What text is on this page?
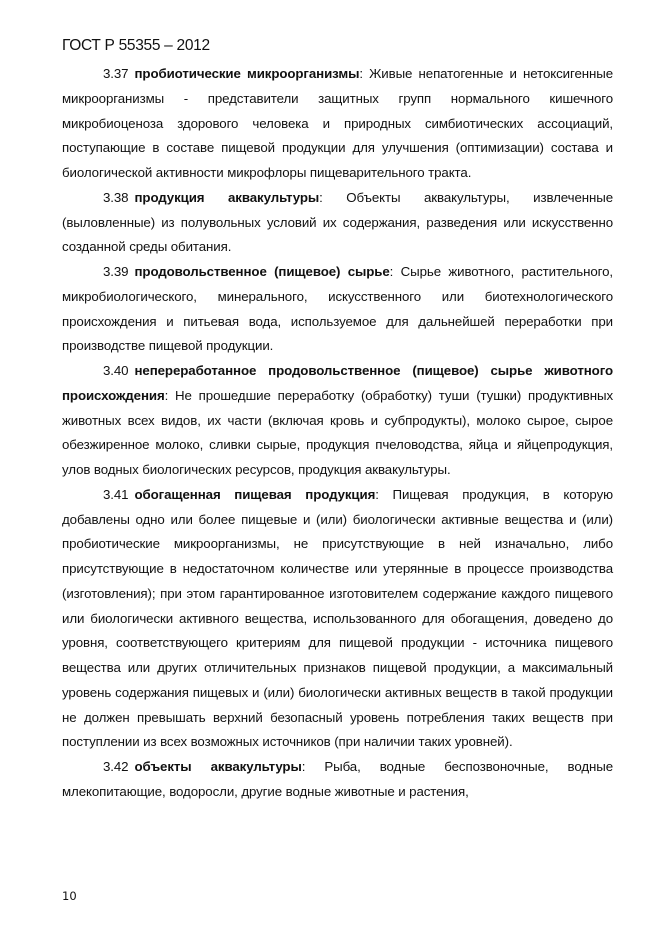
ГОСТ Р 55355 – 2012

3.37 пробиотические микроорганизмы: Живые непатогенные и нетоксигенные микроорганизмы - представители защитных групп нормального кишечного микробиоценоза здорового человека и природных симбиотических ассоциаций, поступающие в составе пищевой продукции для улучшения (оптимизации) состава и биологической активности микрофлоры пищеварительного тракта.

3.38 продукция аквакультуры: Объекты аквакультуры, извлеченные (выловленные) из полувольных условий их содержания, разведения или искусственно созданной среды обитания.

3.39 продовольственное (пищевое) сырье: Сырье животного, растительного, микробиологического, минерального, искусственного или биотехнологического происхождения и питьевая вода, используемое для дальнейшей переработки при производстве пищевой продукции.

3.40 непереработанное продовольственное (пищевое) сырье животного происхождения: Не прошедшие переработку (обработку) туши (тушки) продуктивных животных всех видов, их части (включая кровь и субпродукты), молоко сырое, сырое обезжиренное молоко, сливки сырые, продукция пчеловодства, яйца и яйцепродукция, улов водных биологических ресурсов, продукция аквакультуры.

3.41 обогащенная пищевая продукция: Пищевая продукция, в которую добавлены одно или более пищевые и (или) биологически активные вещества и (или) пробиотические микроорганизмы, не присутствующие в ней изначально, либо присутствующие в недостаточном количестве или утерянные в процессе производства (изготовления); при этом гарантированное изготовителем содержание каждого пищевого или биологически активного вещества, использованного для обогащения, доведено до уровня, соответствующего критериям для пищевой продукции - источника пищевого вещества или других отличительных признаков пищевой продукции, а максимальный уровень содержания пищевых и (или) биологически активных веществ в такой продукции не должен превышать верхний безопасный уровень потребления таких веществ при поступлении из всех возможных источников (при наличии таких уровней).

3.42 объекты аквакультуры: Рыба, водные беспозвоночные, водные млекопитающие, водоросли, другие водные животные и растения,

10
